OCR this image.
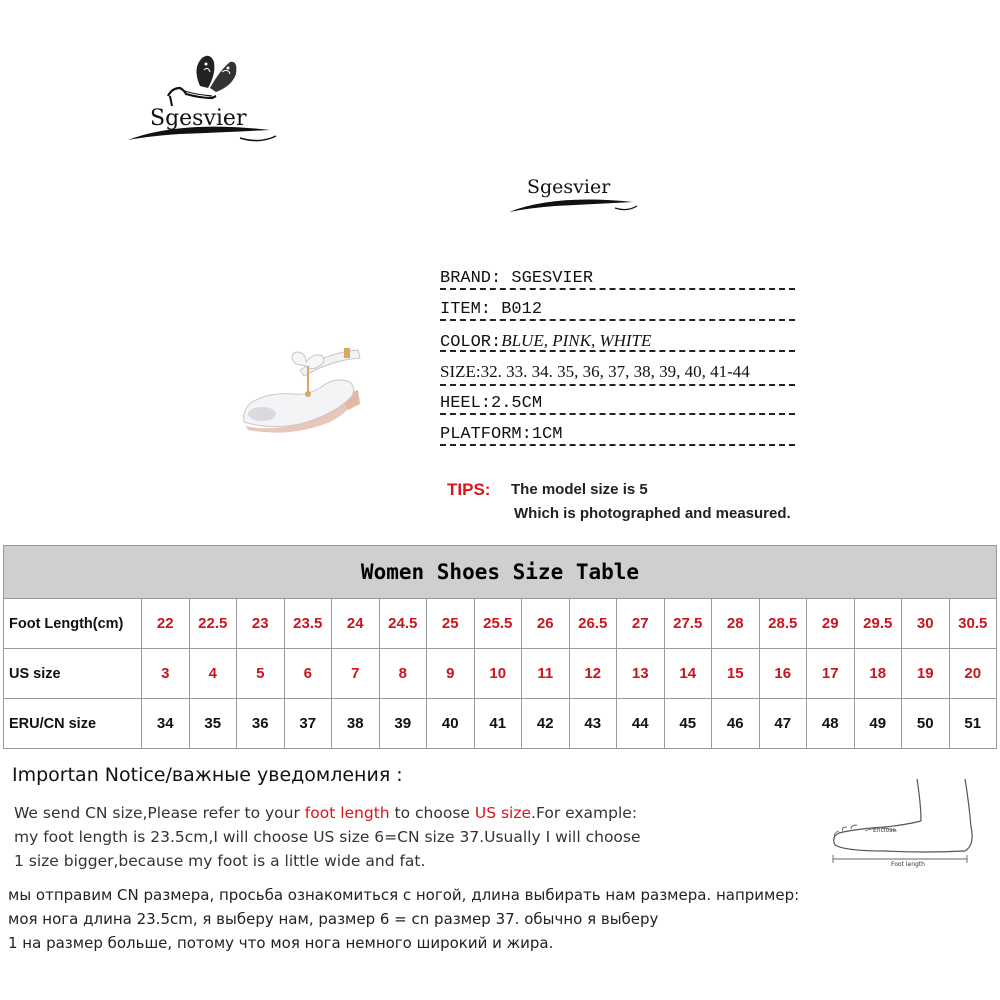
Sgesvier
Sgesvier
BRAND: SGESVIER
ITEM: B012
COLOR:BLUE, PINK, WHITE
SIZE:32. 33. 34. 35, 36, 37, 38, 39, 40, 41-44
HEEL:2.5CM
PLATFORM:1CM
TIPS: The model size is 5
Which is photographed and measured.
Women Shoes Size Table																		
Foot Length(cm)	22	22.5	23	23.5	24	24.5	25	25.5	26	26.5	27	27.5	28	28.5	29	29.5	30	30.5
US size	3	4	5	6	7	8	9	10	11	12	13	14	15	16	17	18	19	20
ERU/CN size	34	35	36	37	38	39	40	41	42	43	44	45	46	47	48	49	50	51
Importan Notice/важные уведомления :
We send CN size,Please refer to your foot length to choose US size.For example:
my foot length is 23.5cm,I will choose US size 6=CN size 37.Usually I will choose
1 size bigger,because my foot is a little wide and fat.
мы отправим CN размера, просьба ознакомиться с ногой, длина выбирать нам размера. например:
моя нога длина 23.5cm, я выберу нам, размер 6 = cn размер 37. обычно я выберу
1 на размер больше, потому что моя нога немного широкий и жира.
Enclose
Foot length
